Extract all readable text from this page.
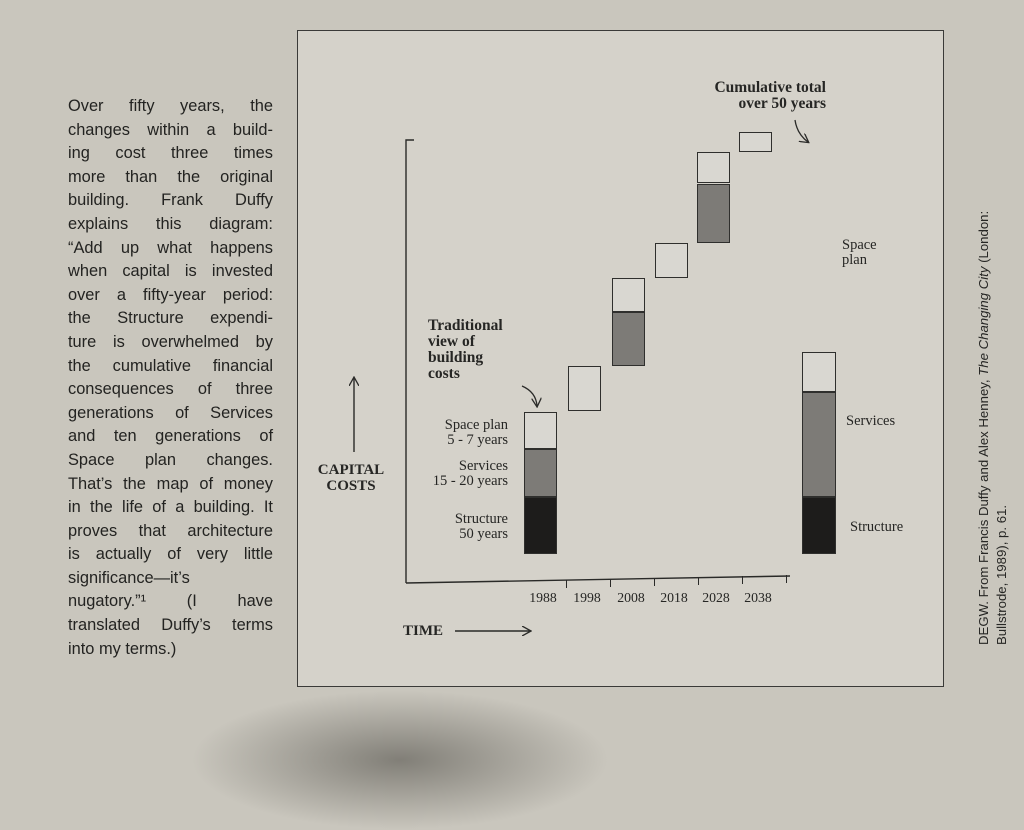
Over fifty years, the
changes within a build-
ing cost three times
more than the original
building. Frank Duffy
explains this diagram:
“Add up what happens
when capital is invested
over a fifty-year period:
the Structure expendi-
ture is overwhelmed by
the cumulative financial
consequences of three
generations of Services
and ten generations of
Space plan changes.
That’s the map of money
in the life of a building. It
proves that architecture
is actually of very little
significance—it’s
nugatory.”¹ (I have
translated Duffy’s terms
into my terms.)
Cumulative total
over 50 years
Traditional
view of
building
costs
Space plan
5 - 7 years
Services
15 - 20 years
Structure
50 years
Space
plan
Services
Structure
CAPITAL
COSTS
TIME	DEGW. From Francis Duffy and Alex Henney, The Changing City (London:
Bullstrode, 1989), p. 61.
1988	1998	2008	2018	2028	2038
